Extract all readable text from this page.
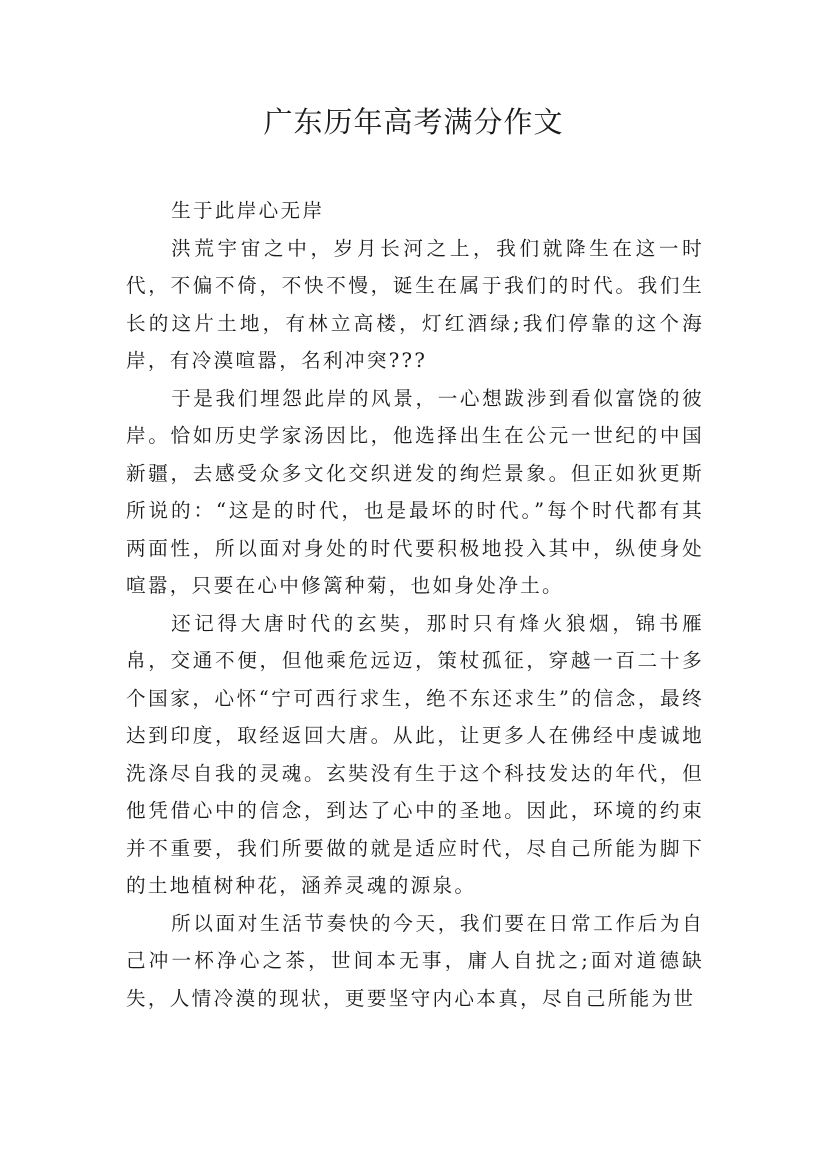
广东历年高考满分作文

生于此岸心无岸

洪荒宇宙之中，岁月长河之上，我们就降生在这一时代，不偏不倚，不快不慢，诞生在属于我们的时代。我们生长的这片土地，有林立高楼，灯红酒绿;我们停靠的这个海岸，有冷漠喧嚣，名利冲突???

于是我们埋怨此岸的风景，一心想跋涉到看似富饶的彼岸。恰如历史学家汤因比，他选择出生在公元一世纪的中国新疆，去感受众多文化交织迸发的绚烂景象。但正如狄更斯所说的：“这是的时代，也是最坏的时代。”每个时代都有其两面性，所以面对身处的时代要积极地投入其中，纵使身处喧嚣，只要在心中修篱种菊，也如身处净土。

还记得大唐时代的玄奘，那时只有烽火狼烟，锦书雁帛，交通不便，但他乘危远迈，策杖孤征，穿越一百二十多个国家，心怀“宁可西行求生，绝不东还求生”的信念，最终达到印度，取经返回大唐。从此，让更多人在佛经中虔诚地洗涤尽自我的灵魂。玄奘没有生于这个科技发达的年代，但他凭借心中的信念，到达了心中的圣地。因此，环境的约束并不重要，我们所要做的就是适应时代，尽自己所能为脚下的土地植树种花，涵养灵魂的源泉。

所以面对生活节奏快的今天，我们要在日常工作后为自己冲一杯净心之茶，世间本无事，庸人自扰之;面对道德缺失，人情冷漠的现状，更要坚守内心本真，尽自己所能为世
